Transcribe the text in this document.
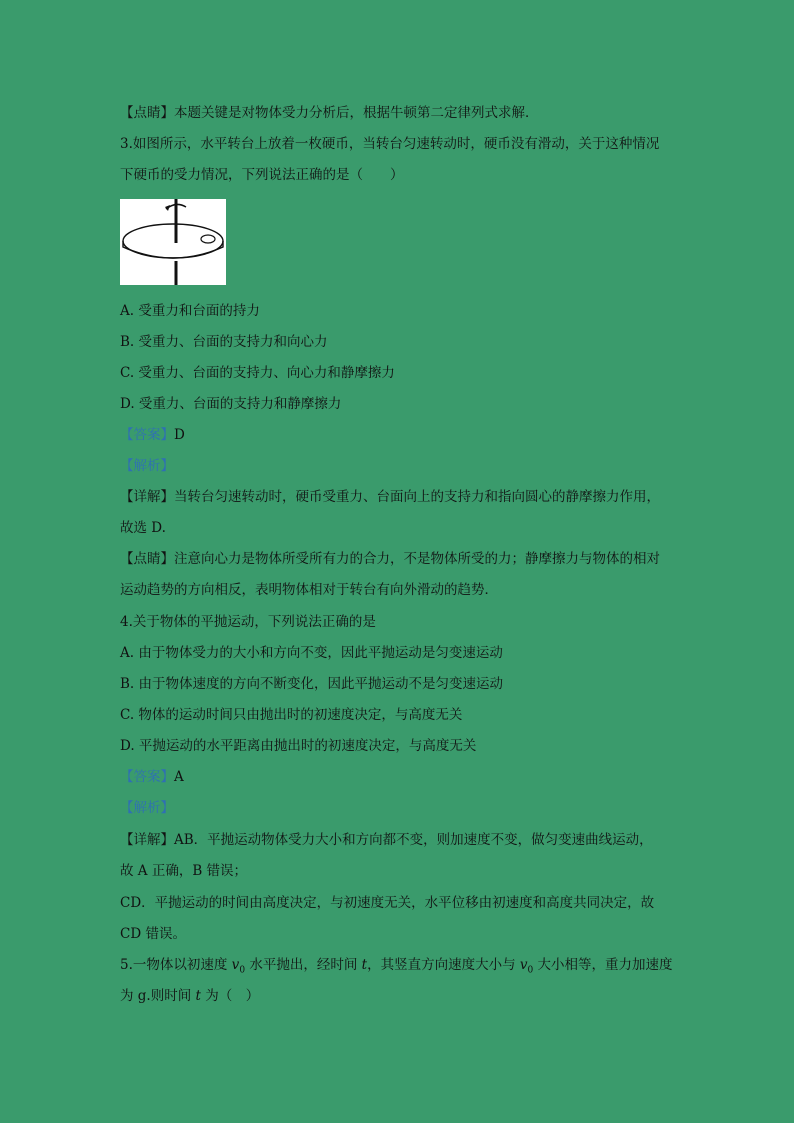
【点睛】本题关键是对物体受力分析后，根据牛顿第二定律列式求解．
3.如图所示，水平转台上放着一枚硬币，当转台匀速转动时，硬币没有滑动，关于这种情况
下硬币的受力情况，下列说法正确的是（　　）
A. 受重力和台面的持力
B. 受重力、台面的支持力和向心力
C. 受重力、台面的支持力、向心力和静摩擦力
D. 受重力、台面的支持力和静摩擦力
【答案】D
【解析】
【详解】当转台匀速转动时，硬币受重力、台面向上的支持力和指向圆心的静摩擦力作用，
故选 D.
【点睛】注意向心力是物体所受所有力的合力，不是物体所受的力；静摩擦力与物体的相对
运动趋势的方向相反，表明物体相对于转台有向外滑动的趋势．
4.关于物体的平抛运动，下列说法正确的是
A. 由于物体受力的大小和方向不变，因此平抛运动是匀变速运动
B. 由于物体速度的方向不断变化，因此平抛运动不是匀变速运动
C. 物体的运动时间只由抛出时的初速度决定，与高度无关
D. 平抛运动的水平距离由抛出时的初速度决定，与高度无关
【答案】A
【解析】
【详解】AB．平抛运动物体受力大小和方向都不变，则加速度不变，做匀变速曲线运动，
故 A 正确，B 错误；
CD．平抛运动的时间由高度决定，与初速度无关，水平位移由初速度和高度共同决定，故
CD 错误。
5.一物体以初速度 $v_0$ 水平抛出，经时间 t，其竖直方向速度大小与 $v_0$ 大小相等，重力加速度
为 g.则时间 t 为（　）
